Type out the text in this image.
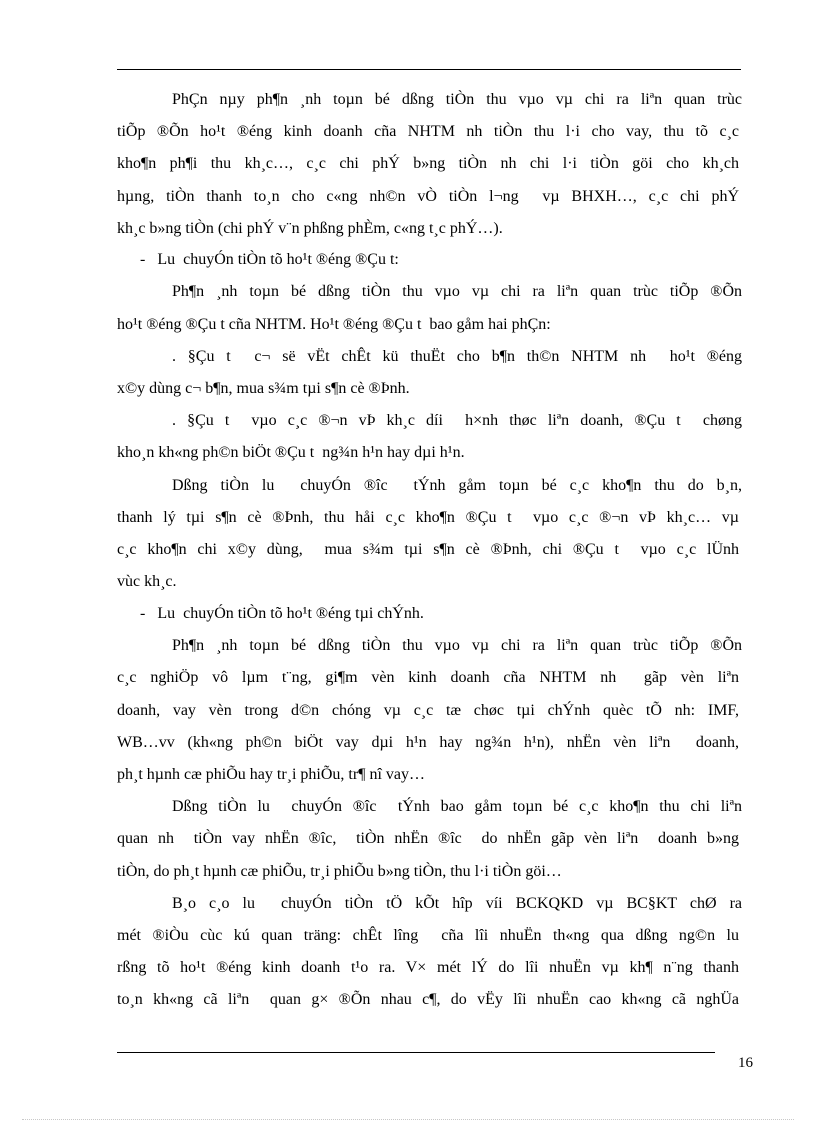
PhÇn nµy ph¶n ¸nh toµn bé dßng tiÒn thu vµo vµ chi ra liªn quan trùc
tiÕp ®Õn ho¹t ®éng kinh doanh cña NHTM nh tiÒn thu l·i cho vay, thu tõ c¸c
kho¶n ph¶i thu kh¸c…, c¸c chi phÝ b»ng tiÒn nh chi l·i tiÒn göi cho kh¸ch
hµng, tiÒn thanh to¸n cho c«ng nh©n vÒ tiÒn l¬ng  vµ BHXH…, c¸c chi phÝ
kh¸c b»ng tiÒn (chi phÝ v¨n phßng phÈm, c«ng t¸c phÝ…).
-   Lu  chuyÓn tiÒn tõ ho¹t ®éng ®Çu t:
Ph¶n ¸nh toµn bé dßng tiÒn thu vµo vµ chi ra liªn quan trùc tiÕp ®Õn
ho¹t ®éng ®Çu t cña NHTM. Ho¹t ®éng ®Çu t  bao gåm hai phÇn:
. §Çu t  c¬ së vËt chÊt kü thuËt cho b¶n th©n NHTM nh  ho¹t ®éng
x©y dùng c¬ b¶n, mua s¾m tµi s¶n cè ®Þnh.
. §Çu t  vµo c¸c ®¬n vÞ kh¸c díi  h×nh thøc liªn doanh, ®Çu t  chøng
kho¸n kh«ng ph©n biÖt ®Çu t  ng¾n h¹n hay dµi h¹n.
Dßng tiÒn lu  chuyÓn ®îc  tÝnh gåm toµn bé c¸c kho¶n thu do b¸n,
thanh lý tµi s¶n cè ®Þnh, thu håi c¸c kho¶n ®Çu t  vµo c¸c ®¬n vÞ kh¸c… vµ
c¸c kho¶n chi x©y dùng,  mua s¾m tµi s¶n cè ®Þnh, chi ®Çu t  vµo c¸c lÜnh
vùc kh¸c.
-   Lu  chuyÓn tiÒn tõ ho¹t ®éng tµi chÝnh.
Ph¶n ¸nh toµn bé dßng tiÒn thu vµo vµ chi ra liªn quan trùc tiÕp ®Õn
c¸c nghiÖp vô lµm t¨ng, gi¶m vèn kinh doanh cña NHTM nh  gãp vèn liªn
doanh, vay vèn trong d©n chóng vµ c¸c tæ chøc tµi chÝnh quèc tÕ nh: IMF,
WB…vv (kh«ng ph©n biÖt vay dµi h¹n hay ng¾n h¹n), nhËn vèn liªn  doanh,
ph¸t hµnh cæ phiÕu hay tr¸i phiÕu, tr¶ nî vay…
Dßng tiÒn lu  chuyÓn ®îc  tÝnh bao gåm toµn bé c¸c kho¶n thu chi liªn
quan nh  tiÒn vay nhËn ®îc,  tiÒn nhËn ®îc  do nhËn gãp vèn liªn  doanh b»ng
tiÒn, do ph¸t hµnh cæ phiÕu, tr¸i phiÕu b»ng tiÒn, thu l·i tiÒn göi…
B¸o c¸o lu  chuyÓn tiÒn tÖ kÕt hîp víi BCKQKD vµ BC§KT chØ ra
mét ®iÒu cùc kú quan träng: chÊt lîng  cña lîi nhuËn th«ng qua dßng ng©n lu
rßng tõ ho¹t ®éng kinh doanh t¹o ra. V× mét lÝ do lîi nhuËn vµ kh¶ n¨ng thanh
to¸n kh«ng cã liªn  quan g× ®Õn nhau c¶, do vËy lîi nhuËn cao kh«ng cã nghÜa
16
